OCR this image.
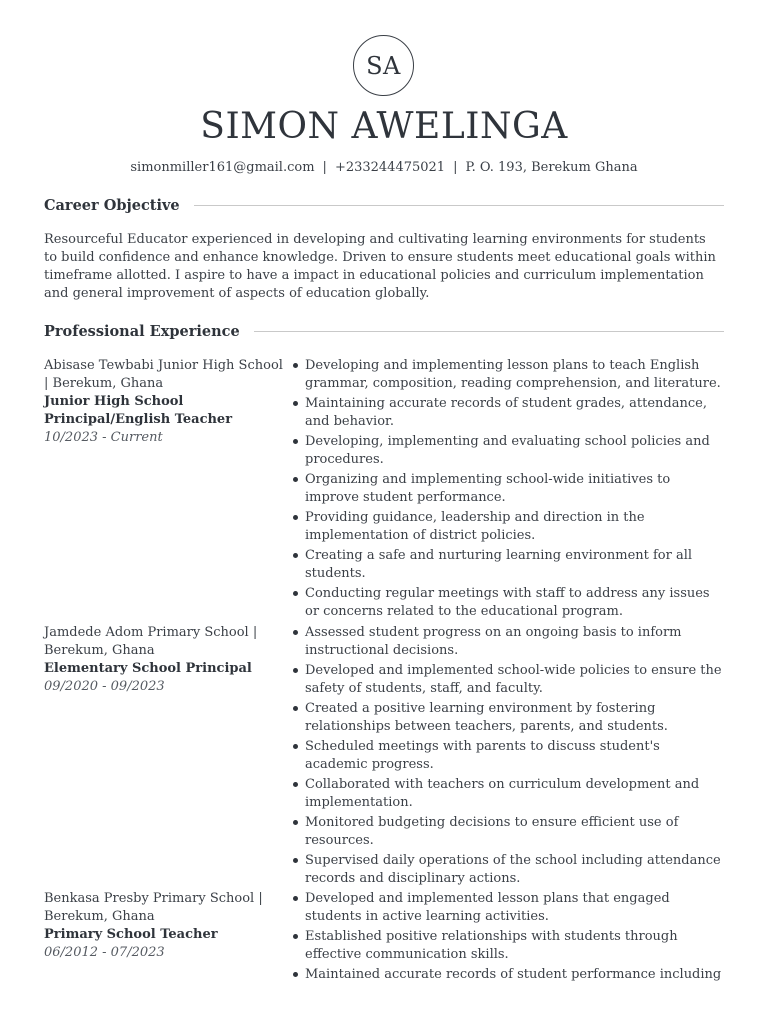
SA
SIMON AWELINGA
simonmiller161@gmail.com | +233244475021 | P. O. 193, Berekum Ghana
Career Objective

Resourceful Educator experienced in developing and cultivating learning environments for students to build confidence and enhance knowledge. Driven to ensure students meet educational goals within timeframe allotted. I aspire to have a impact in educational policies and curriculum implementation and general improvement of aspects of education globally.

Professional Experience
Abisase Tewbabi Junior High School | Berekum, Ghana
Junior High School Principal/English Teacher
10/2023 - Current
Developing and implementing lesson plans to teach English grammar, composition, reading comprehension, and literature.
Maintaining accurate records of student grades, attendance, and behavior.
Developing, implementing and evaluating school policies and procedures.
Organizing and implementing school-wide initiatives to improve student performance.
Providing guidance, leadership and direction in the implementation of district policies.
Creating a safe and nurturing learning environment for all students.
Conducting regular meetings with staff to address any issues or concerns related to the educational program.
Jamdede Adom Primary School | Berekum, Ghana
Elementary School Principal
09/2020 - 09/2023
Assessed student progress on an ongoing basis to inform instructional decisions.
Developed and implemented school-wide policies to ensure the safety of students, staff, and faculty.
Created a positive learning environment by fostering relationships between teachers, parents, and students.
Scheduled meetings with parents to discuss student's academic progress.
Collaborated with teachers on curriculum development and implementation.
Monitored budgeting decisions to ensure efficient use of resources.
Supervised daily operations of the school including attendance records and disciplinary actions.
Benkasa Presby Primary School | Berekum, Ghana
Primary School Teacher
06/2012 - 07/2023
Developed and implemented lesson plans that engaged students in active learning activities.
Established positive relationships with students through effective communication skills.
Maintained accurate records of student performance including
